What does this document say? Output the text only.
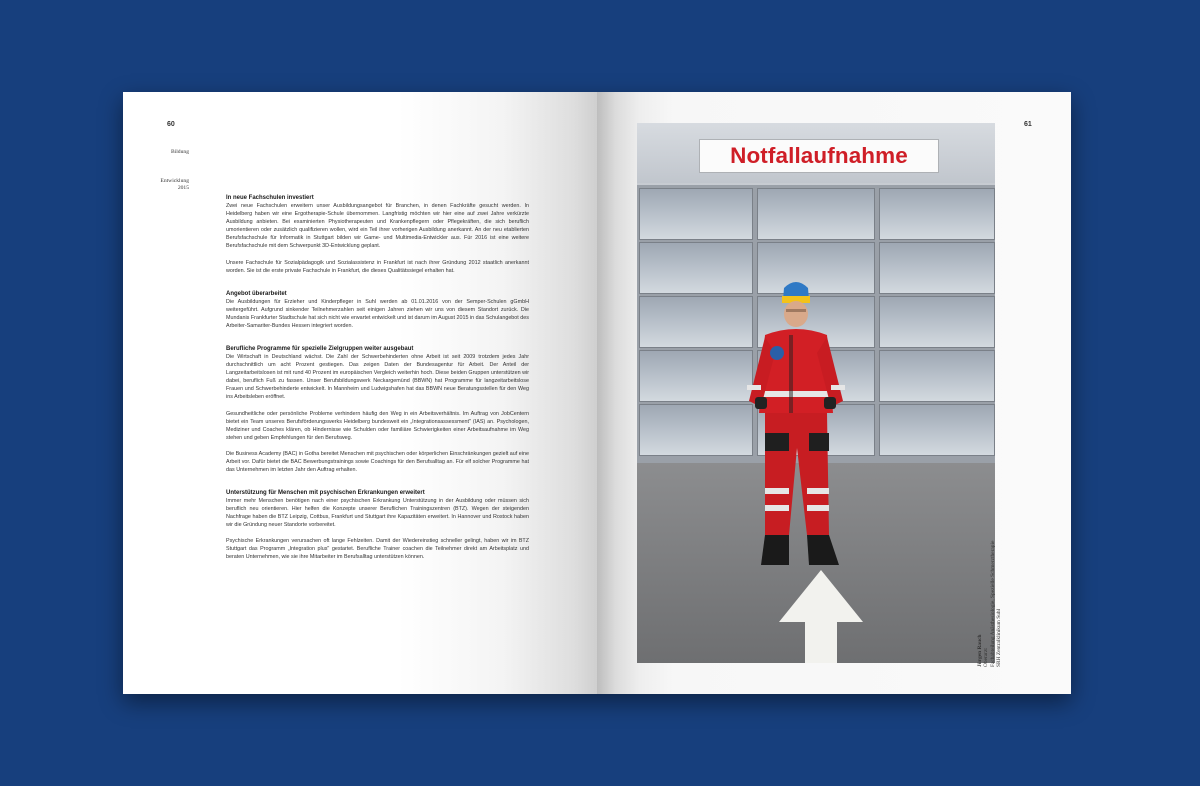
60
Bildung
Entwicklung
2015
In neue Fachschulen investiert

Zwei neue Fachschulen erweitern unser Ausbildungsangebot für Branchen, in denen Fachkräfte gesucht werden. In Heidelberg haben wir eine Ergotherapie-Schule übernommen. Langfristig möchten wir hier eine auf zwei Jahre verkürzte Ausbildung anbieten. Bei examinierten Physiotherapeuten und Krankenpflegern oder Pflegekräften, die sich beruflich umorientieren oder zusätzlich qualifizieren wollen, wird ein Teil ihrer vorherigen Ausbildung anerkannt. An der neu etablierten Berufsfachschule für Informatik in Stuttgart bilden wir Game- und Multimedia-Entwickler aus. Für 2016 ist eine weitere Berufsfachschule mit dem Schwerpunkt 3D-Entwicklung geplant.

Unsere Fachschule für Sozialpädagogik und Sozialassistenz in Frankfurt ist nach ihrer Gründung 2012 staatlich anerkannt worden. Sie ist die erste private Fachschule in Frankfurt, die dieses Qualitätssiegel erhalten hat.

Angebot überarbeitet

Die Ausbildungen für Erzieher und Kinderpfleger in Suhl werden ab 01.01.2016 von der Semper-Schulen gGmbH weitergeführt. Aufgrund sinkender Teilnehmerzahlen seit einigen Jahren ziehen wir uns von diesem Standort zurück. Die Mundanis Frankfurter Stadtschule hat sich nicht wie erwartet entwickelt und ist darum im August 2015 in das Schulangebot des Arbeiter-Samariter-Bundes Hessen integriert worden.

Berufliche Programme für spezielle Zielgruppen weiter ausgebaut

Die Wirtschaft in Deutschland wächst. Die Zahl der Schwerbehinderten ohne Arbeit ist seit 2009 trotzdem jedes Jahr durchschnittlich um acht Prozent gestiegen. Das zeigen Daten der Bundesagentur für Arbeit. Der Anteil der Langzeitarbeitslosen ist mit rund 40 Prozent im europäischen Vergleich weiterhin hoch. Diese beiden Gruppen unterstützen wir dabei, beruflich Fuß zu fassen. Unser Berufsbildungswerk Neckargemünd (BBWN) hat Programme für langzeitarbeitslose Frauen und Schwerbehinderte entwickelt. In Mannheim und Ludwigshafen hat das BBWN neue Beratungsstellen für den Weg ins Arbeitsleben eröffnet.

Gesundheitliche oder persönliche Probleme verhindern häufig den Weg in ein Arbeitsverhältnis. Im Auftrag von JobCentern bietet ein Team unseres Berufsförderungswerks Heidelberg bundesweit ein „Integrationsassessment" (IAS) an. Psychologen, Mediziner und Coaches klären, ob Hindernisse wie Schulden oder familiäre Schwierigkeiten einer Arbeitsaufnahme im Weg stehen und geben Empfehlungen für den Berufsweg.

Die Business Academy (BAC) in Gotha bereitet Menschen mit psychischen oder körperlichen Einschränkungen gezielt auf eine Arbeit vor. Dafür bietet die BAC Bewerbungstrainings sowie Coachings für den Berufsalltag an. Für elf solcher Programme hat das Unternehmen im letzten Jahr den Auftrag erhalten.

Unterstützung für Menschen mit psychischen Erkrankungen erweitert

Immer mehr Menschen benötigen nach einer psychischen Erkrankung Unterstützung in der Ausbildung oder müssen sich beruflich neu orientieren. Hier helfen die Konzepte unserer Beruflichen Trainingszentren (BTZ). Wegen der steigenden Nachfrage haben die BTZ Leipzig, Cottbus, Frankfurt und Stuttgart ihre Kapazitäten erweitert. In Hannover und Rostock haben wir die Gründung neuer Standorte vorbereitet.

Psychische Erkrankungen verursachen oft lange Fehlzeiten. Damit der Wiedereinstieg schneller gelingt, haben wir im BTZ Stuttgart das Programm „Integration plus" gestartet. Berufliche Trainer coachen die Teilnehmer direkt am Arbeitsplatz und beraten Unternehmen, wie sie ihre Mitarbeiter im Berufsalltag unterstützen können.

61
Notfallaufnahme
Jürgen Rauch
Oberarzt
Fachabteilung Anästhesiologie, Spezielle Schmerztherapie
SRH Zentralklinikum Suhl
